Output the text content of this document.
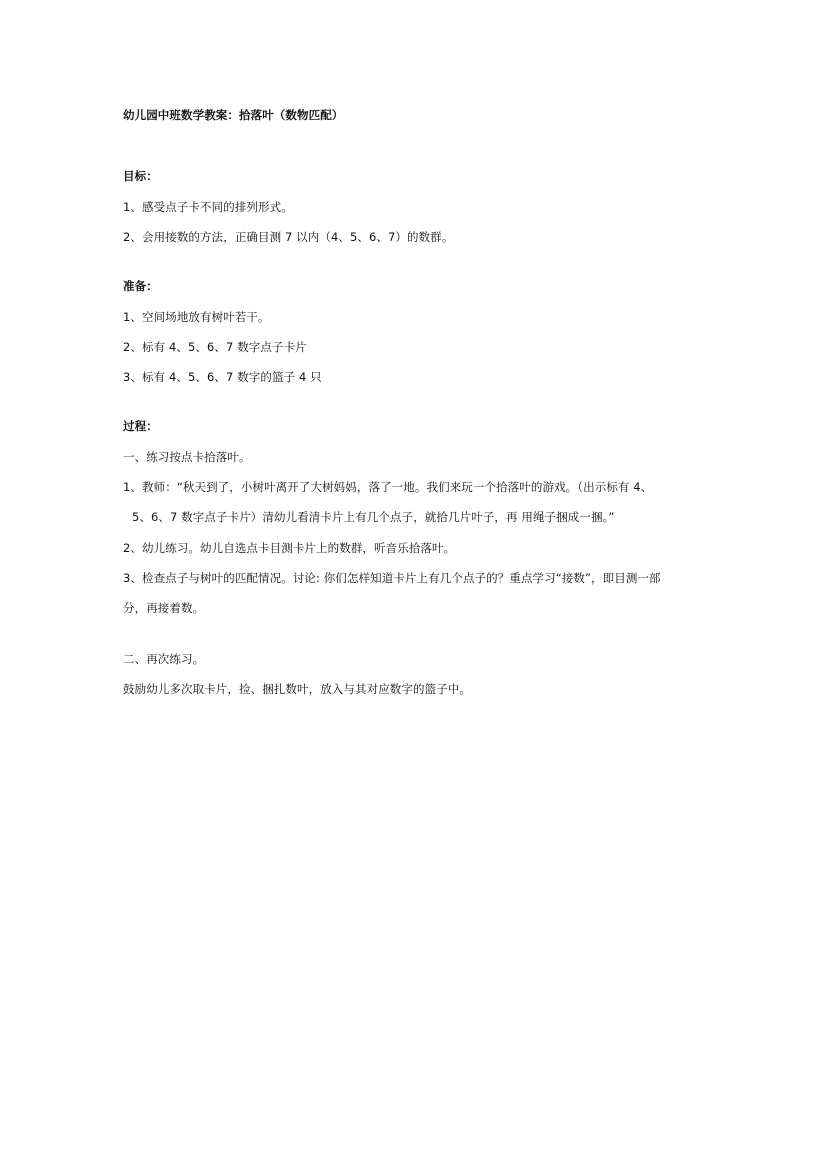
幼儿园中班数学教案：拾落叶（数物匹配）
目标：
1、感受点子卡不同的排列形式。
2、会用接数的方法，正确目测 7 以内（4、5、6、7）的数群。
准备：
1、空间场地放有树叶若干。
2、标有 4、5、6、7 数字点子卡片
3、标有 4、5、6、7 数字的篮子 4 只
过程：
一、练习按点卡拾落叶。
1、教师：“秋天到了，小树叶离开了大树妈妈，落了一地。我们来玩一个拾落叶的游戏。（出示标有 4、
5、6、7 数字点子卡片）清幼儿看清卡片上有几个点子，就拾几片叶子，再 用绳子捆成一捆。”
2、幼儿练习。幼儿自选点卡目测卡片上的数群，听音乐拾落叶。
3、检查点子与树叶的匹配情况。讨论: 你们怎样知道卡片上有几个点子的？重点学习“接数”，即目测一部
分，再接着数。
二、再次练习。
鼓励幼儿多次取卡片，捡、捆扎数叶，放入与其对应数字的篮子中。
